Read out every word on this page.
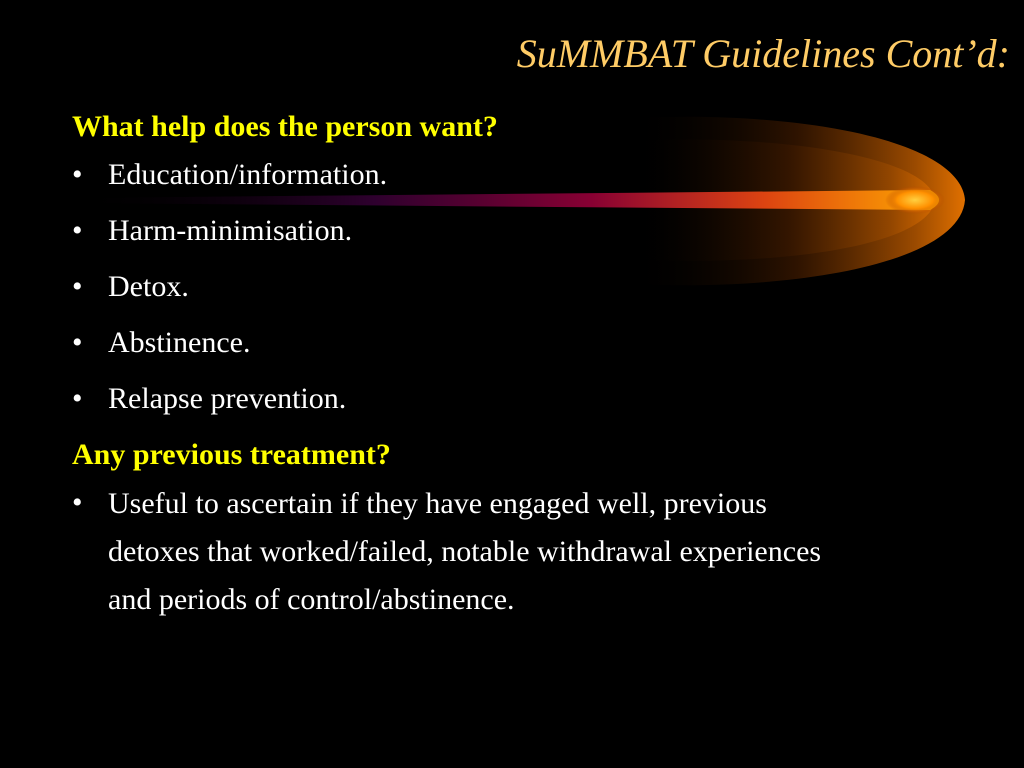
SuMMBAT Guidelines Cont’d:
What help does the person want?
• Education/information.
• Harm-minimisation.
• Detox.
• Abstinence.
• Relapse prevention.
Any previous treatment?
• Useful to ascertain if they have engaged well, previous detoxes that worked/failed, notable withdrawal experiences and periods of control/abstinence.
